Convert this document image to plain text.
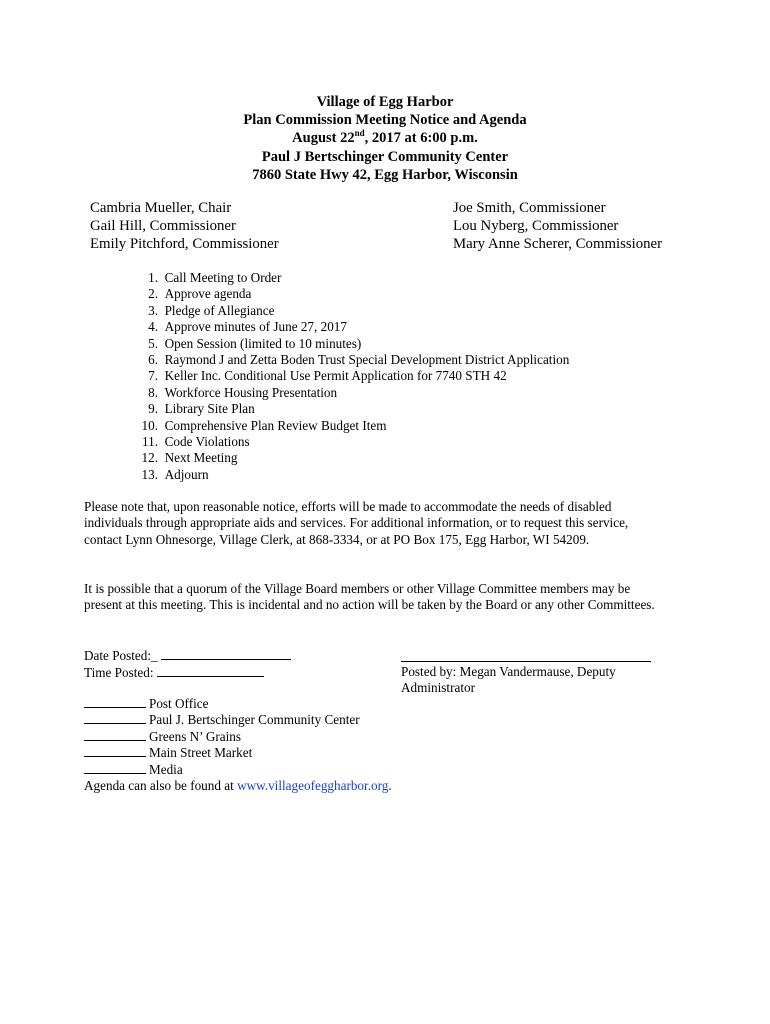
Village of Egg Harbor
Plan Commission Meeting Notice and Agenda
August 22nd, 2017 at 6:00 p.m.
Paul J Bertschinger Community Center
7860 State Hwy 42, Egg Harbor, Wisconsin
Cambria Mueller, Chair
Gail Hill, Commissioner
Emily Pitchford, Commissioner
Joe Smith, Commissioner
Lou Nyberg, Commissioner
Mary Anne Scherer, Commissioner
1.
Call Meeting to Order
2.
Approve agenda
3.
Pledge of Allegiance
4.
Approve minutes of June 27, 2017
5.
Open Session (limited to 10 minutes)
6.
Raymond J and Zetta Boden Trust Special Development District Application
7.
Keller Inc. Conditional Use Permit Application for 7740 STH 42
8.
Workforce Housing Presentation
9.
Library Site Plan
10.
Comprehensive Plan Review Budget Item
11.
Code Violations
12.
Next Meeting
13.
Adjourn
Please note that, upon reasonable notice, efforts will be made to accommodate the needs of disabled
individuals through appropriate aids and services. For additional information, or to request this service,
contact Lynn Ohnesorge, Village Clerk, at 868-3334, or at PO Box 175, Egg Harbor, WI 54209.
It is possible that a quorum of the Village Board members or other Village Committee members may be
present at this meeting. This is incidental and no action will be taken by the Board or any other Committees.
Date Posted:_
Time Posted:	Posted by: Megan Vandermause, Deputy
Administrator
Post Office
Paul J. Bertschinger Community Center
Greens N’ Grains
Main Street Market
Media
Agenda can also be found at www.villageofeggharbor.org.
